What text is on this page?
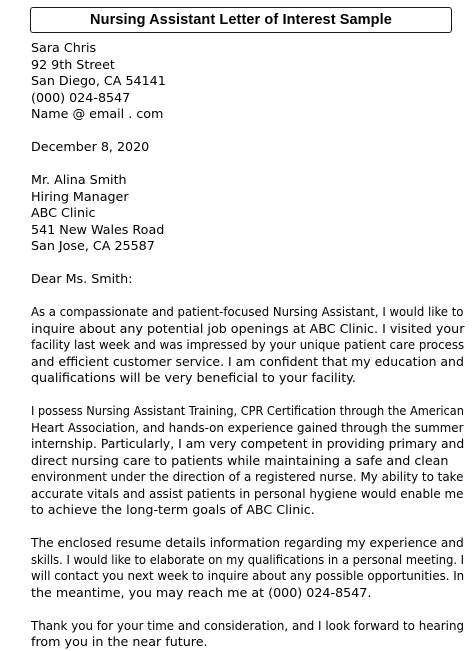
Nursing Assistant Letter of Interest Sample
Sara Chris
92 9th Street
San Diego, CA 54141
(000) 024-8547
Name @ email . com
December 8, 2020
Mr. Alina Smith
Hiring Manager
ABC Clinic
541 New Wales Road
San Jose, CA 25587
Dear Ms. Smith:
As a compassionate and patient-focused Nursing Assistant, I would like to
inquire about any potential job openings at ABC Clinic. I visited your
facility last week and was impressed by your unique patient care process
and efficient customer service. I am confident that my education and
qualifications will be very beneficial to your facility.
I possess Nursing Assistant Training, CPR Certification through the American
Heart Association, and hands-on experience gained through the summer
internship. Particularly, I am very competent in providing primary and
direct nursing care to patients while maintaining a safe and clean
environment under the direction of a registered nurse. My ability to take
accurate vitals and assist patients in personal hygiene would enable me
to achieve the long-term goals of ABC Clinic.
The enclosed resume details information regarding my experience and
skills. I would like to elaborate on my qualifications in a personal meeting. I
will contact you next week to inquire about any possible opportunities. In
the meantime, you may reach me at (000) 024-8547.
Thank you for your time and consideration, and I look forward to hearing
from you in the near future.
